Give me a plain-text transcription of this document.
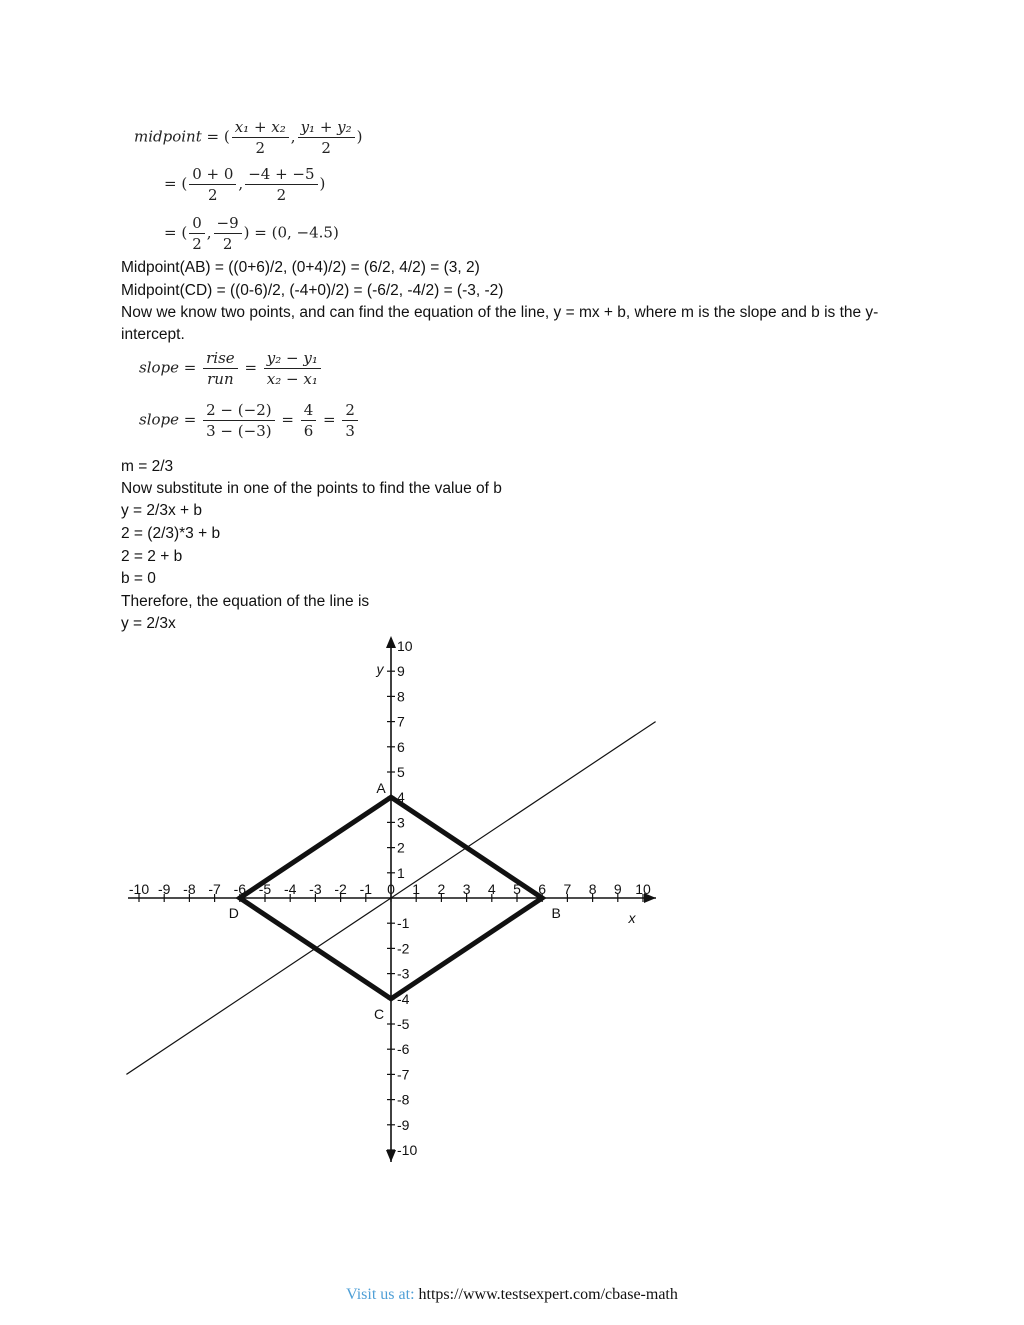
midpoint = ( $\frac{\text{x₁ + x₂}}{2}$ , $\frac{\text{y₁ + y₂}}{2}$ )
= ( $\frac{0 + 0}{2}$ , $\frac{-4 + -5}{2}$ )
= ( $\frac{0}{2}$ , $\frac{-9}{2}$ ) = (0, −4.5)
Midpoint(AB) = ((0+6)/2, (0+4)/2) = (6/2, 4/2) = (3, 2)
Midpoint(CD) = ((0-6)/2, (-4+0)/2) = (-6/2, -4/2) = (-3, -2)
Now we know two points, and can find the equation of the line, y = mx + b, where m is the slope and b is the y-intercept.
slope = $\frac{\text{rise}}{\text{run}} = \frac{\text{y₂ − y₁}}{\text{x₂ − x₁}}$
slope = $\frac{2 - (-2)}{3 - (-3)} = \frac{4}{6} = \frac{2}{3}$
m = 2/3
Now substitute in one of the points to find the value of b
y = 2/3x + b
2 = (2/3)*3 + b
2 = 2 + b
b = 0
Therefore, the equation of the line is
y = 2/3x
-10 -9 -8 -7 -6 -5 -4 -3 -2 -1 0 1 2 3 4 5 6 7 8 9 10
1
2
3
4
5
6
7
8
9
10
-1
-2
-3
-4
-5
-6
-7
-8
-9
-10
A
B
C
D	x
y
Visit us at: https://www.testsexpert.com/cbase-math
